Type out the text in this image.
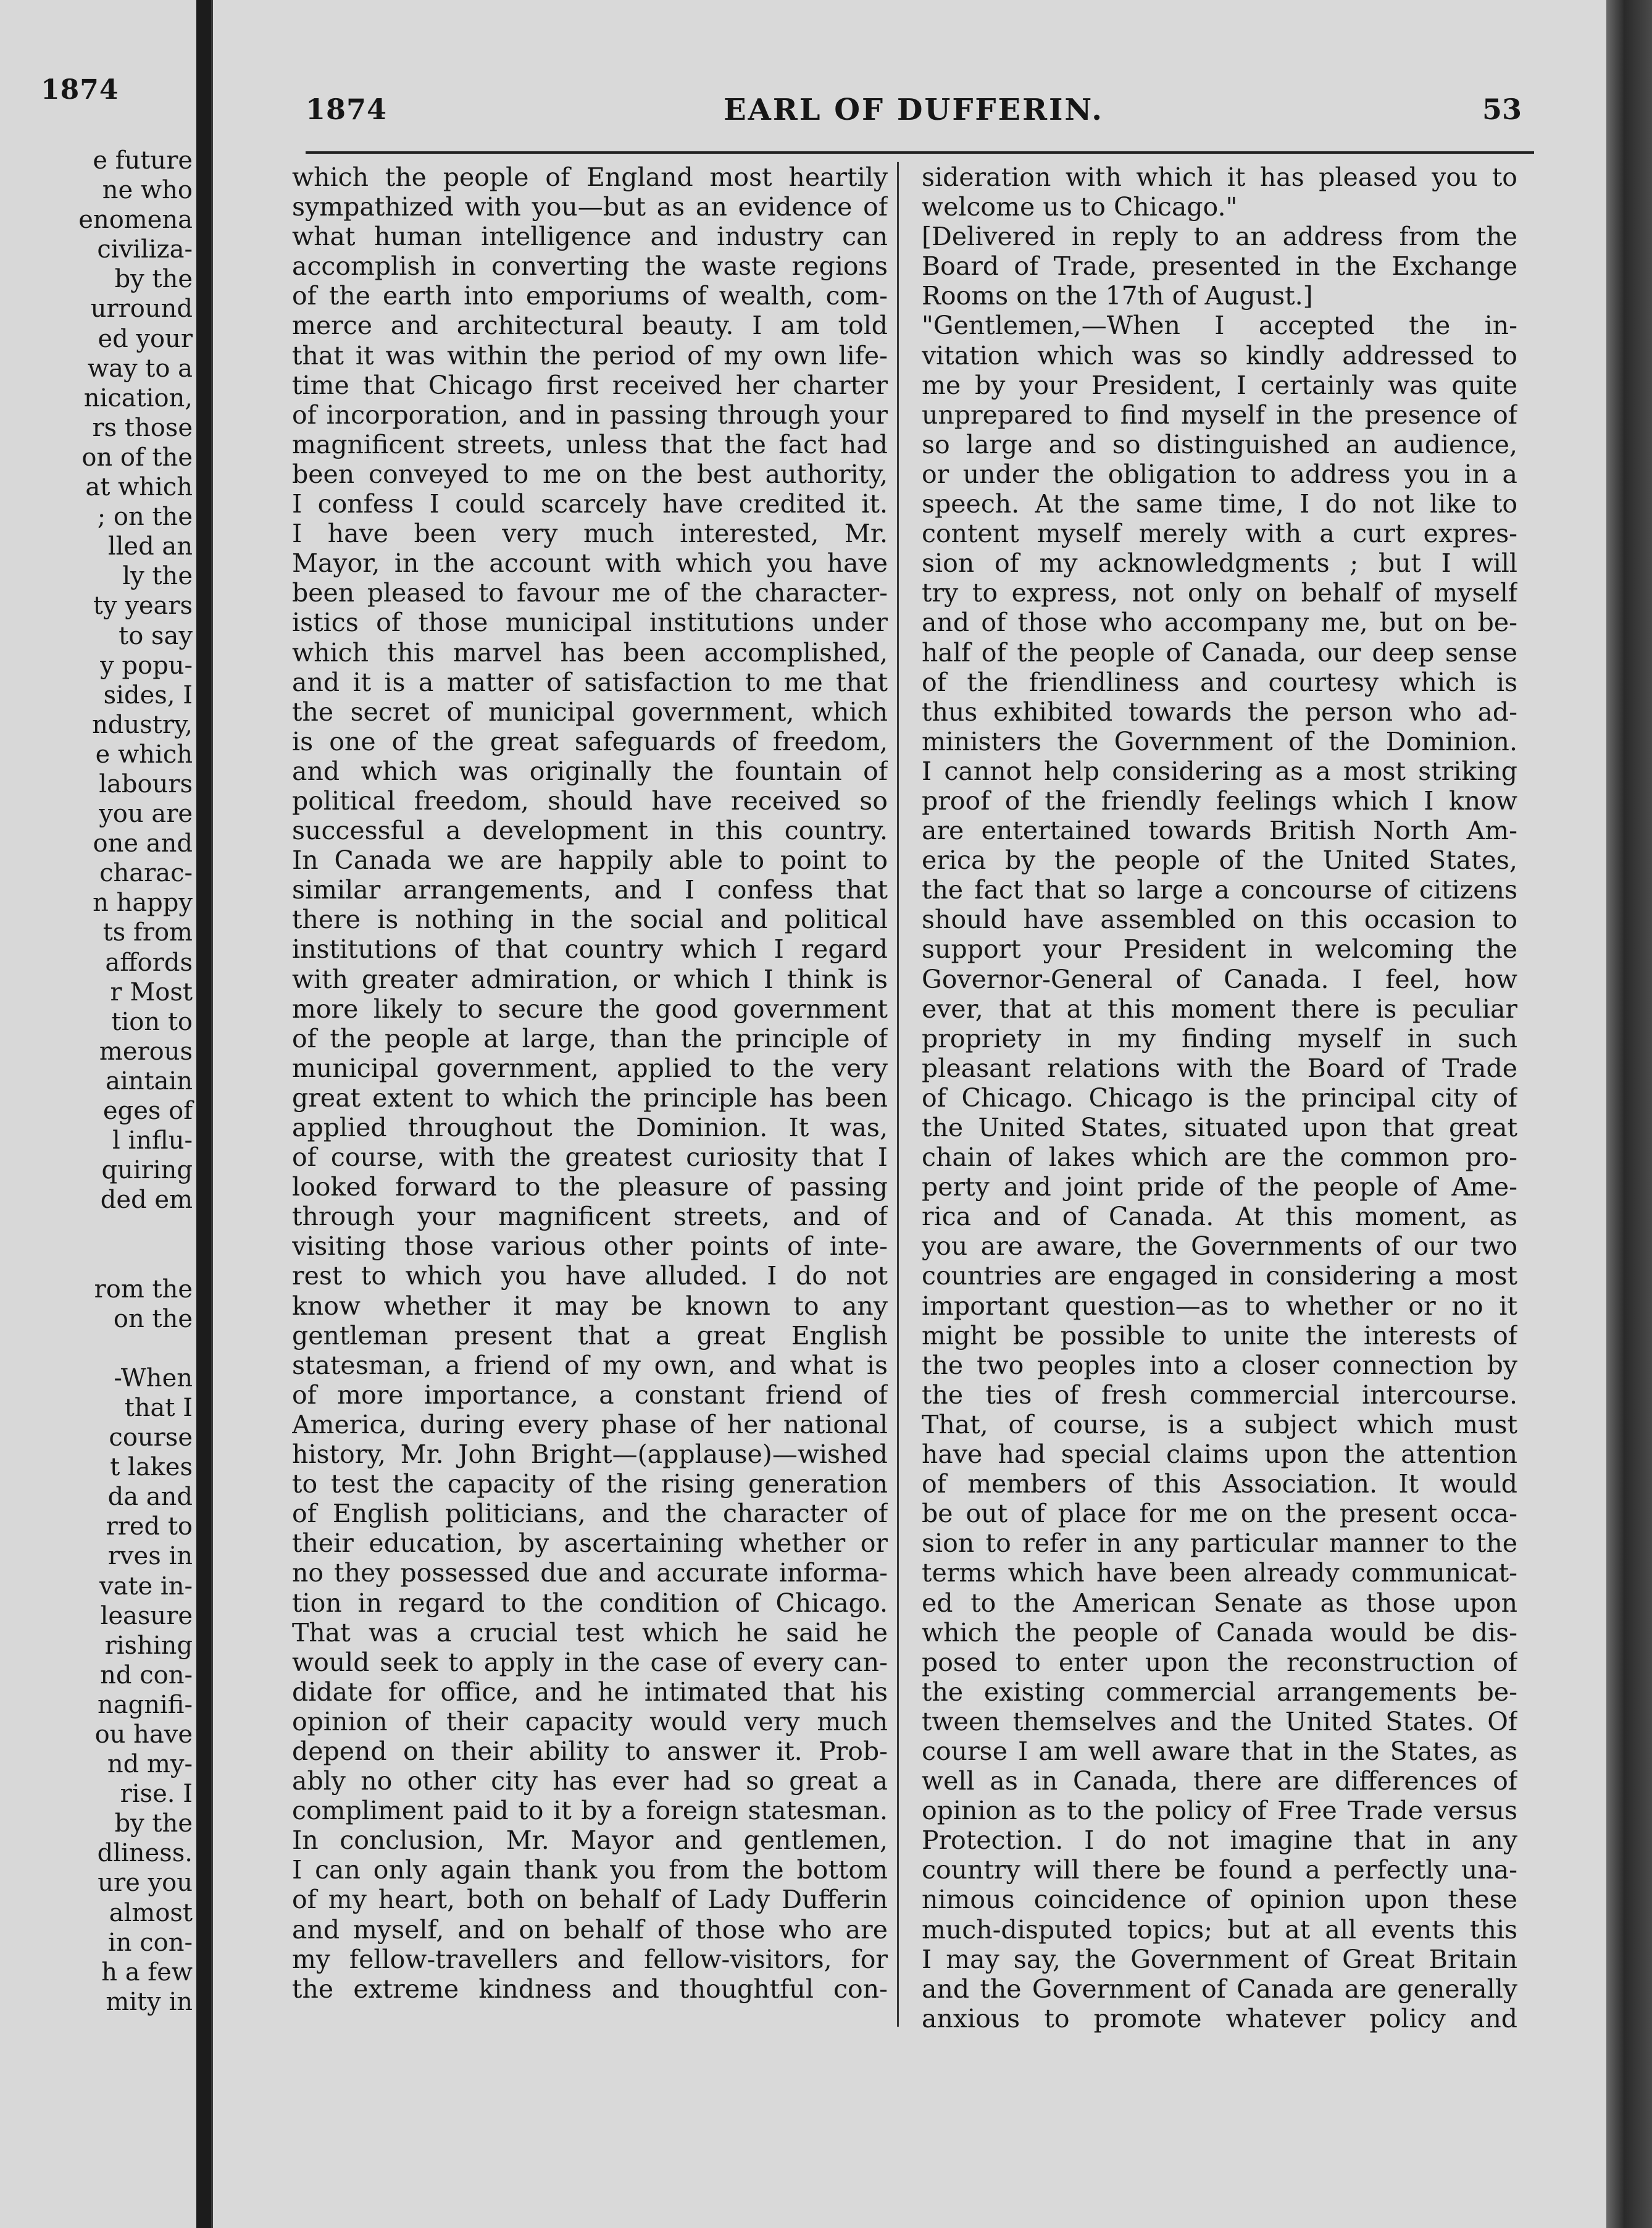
1874
e future
ne who
enomena
civiliza-
by the
urround
ed your
way to a
nication,
rs those
on of the
at which
; on the
lled an
ly the
ty years
to say
y popu-
sides, I
ndustry,
e which
labours
you are
one and
charac-
n happy
ts from
affords
r Most
tion to
merous
aintain
eges of
l influ-
quiring
ded em
rom the
on the
-When
that I
course
t lakes
da and
rred to
rves in
vate in-
leasure
rishing
nd con-
nagnifi-
ou have
nd my-
rise. I
by the
dliness.
ure you
almost
in con-
h a few
mity in
1874	EARL OF DUFFERIN.	53
which the people of England most heartily
sympathized with you—but as an evidence of
what human intelligence and industry can
accomplish in converting the waste regions
of the earth into emporiums of wealth, com-
merce and architectural beauty. I am told
that it was within the period of my own life-
time that Chicago first received her charter
of incorporation, and in passing through your
magnificent streets, unless that the fact had
been conveyed to me on the best authority,
I confess I could scarcely have credited it.
I have been very much interested, Mr.
Mayor, in the account with which you have
been pleased to favour me of the character-
istics of those municipal institutions under
which this marvel has been accomplished,
and it is a matter of satisfaction to me that
the secret of municipal government, which
is one of the great safeguards of freedom,
and which was originally the fountain of
political freedom, should have received so
successful a development in this country.
In Canada we are happily able to point to
similar arrangements, and I confess that
there is nothing in the social and political
institutions of that country which I regard
with greater admiration, or which I think is
more likely to secure the good government
of the people at large, than the principle of
municipal government, applied to the very
great extent to which the principle has been
applied throughout the Dominion. It was,
of course, with the greatest curiosity that I
looked forward to the pleasure of passing
through your magnificent streets, and of
visiting those various other points of inte-
rest to which you have alluded. I do not
know whether it may be known to any
gentleman present that a great English
statesman, a friend of my own, and what is
of more importance, a constant friend of
America, during every phase of her national
history, Mr. John Bright—(applause)—wished
to test the capacity of the rising generation
of English politicians, and the character of
their education, by ascertaining whether or
no they possessed due and accurate informa-
tion in regard to the condition of Chicago.
That was a crucial test which he said he
would seek to apply in the case of every can-
didate for office, and he intimated that his
opinion of their capacity would very much
depend on their ability to answer it. Prob-
ably no other city has ever had so great a
compliment paid to it by a foreign statesman.
In conclusion, Mr. Mayor and gentlemen,
I can only again thank you from the bottom
of my heart, both on behalf of Lady Dufferin
and myself, and on behalf of those who are
my fellow-travellers and fellow-visitors, for
the extreme kindness and thoughtful con-
sideration with which it has pleased you to
welcome us to Chicago."
[Delivered in reply to an address from the
Board of Trade, presented in the Exchange
Rooms on the 17th of August.]
"Gentlemen,—When I accepted the in-
vitation which was so kindly addressed to
me by your President, I certainly was quite
unprepared to find myself in the presence of
so large and so distinguished an audience,
or under the obligation to address you in a
speech. At the same time, I do not like to
content myself merely with a curt expres-
sion of my acknowledgments ; but I will
try to express, not only on behalf of myself
and of those who accompany me, but on be-
half of the people of Canada, our deep sense
of the friendliness and courtesy which is
thus exhibited towards the person who ad-
ministers the Government of the Dominion.
I cannot help considering as a most striking
proof of the friendly feelings which I know
are entertained towards British North Am-
erica by the people of the United States,
the fact that so large a concourse of citizens
should have assembled on this occasion to
support your President in welcoming the
Governor-General of Canada. I feel, how
ever, that at this moment there is peculiar
propriety in my finding myself in such
pleasant relations with the Board of Trade
of Chicago. Chicago is the principal city of
the United States, situated upon that great
chain of lakes which are the common pro-
perty and joint pride of the people of Ame-
rica and of Canada. At this moment, as
you are aware, the Governments of our two
countries are engaged in considering a most
important question—as to whether or no it
might be possible to unite the interests of
the two peoples into a closer connection by
the ties of fresh commercial intercourse.
That, of course, is a subject which must
have had special claims upon the attention
of members of this Association. It would
be out of place for me on the present occa-
sion to refer in any particular manner to the
terms which have been already communicat-
ed to the American Senate as those upon
which the people of Canada would be dis-
posed to enter upon the reconstruction of
the existing commercial arrangements be-
tween themselves and the United States. Of
course I am well aware that in the States, as
well as in Canada, there are differences of
opinion as to the policy of Free Trade versus
Protection. I do not imagine that in any
country will there be found a perfectly una-
nimous coincidence of opinion upon these
much-disputed topics; but at all events this
I may say, the Government of Great Britain
and the Government of Canada are generally
anxious to promote whatever policy and
